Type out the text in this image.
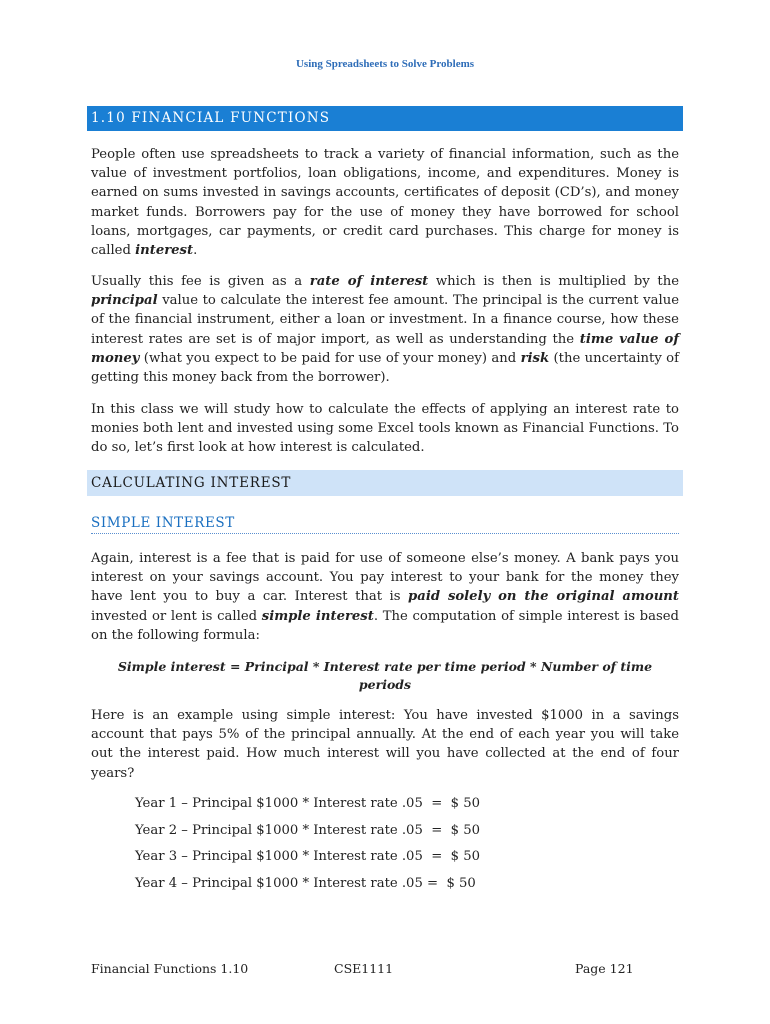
Using Spreadsheets to Solve Problems
1.10 FINANCIAL FUNCTIONS

People often use spreadsheets to track a variety of financial information, such as the value of investment portfolios, loan obligations, income, and expenditures. Money is earned on sums invested in savings accounts, certificates of deposit (CD’s), and money market funds. Borrowers pay for the use of money they have borrowed for school loans, mortgages, car payments, or credit card purchases. This charge for money is called interest.

Usually this fee is given as a rate of interest which is then is multiplied by the principal value to calculate the interest fee amount. The principal is the current value of the financial instrument, either a loan or investment. In a finance course, how these interest rates are set is of major import, as well as understanding the time value of money (what you expect to be paid for use of your money) and risk (the uncertainty of getting this money back from the borrower).

In this class we will study how to calculate the effects of applying an interest rate to monies both lent and invested using some Excel tools known as Financial Functions. To do so, let’s first look at how interest is calculated.

CALCULATING INTEREST
SIMPLE INTEREST

Again, interest is a fee that is paid for use of someone else’s money. A bank pays you interest on your savings account. You pay interest to your bank for the money they have lent you to buy a car. Interest that is paid solely on the original amount invested or lent is called simple interest. The computation of simple interest is based on the following formula:

Simple interest = Principal * Interest rate per time period * Number of time periods

Here is an example using simple interest: You have invested $1000 in a savings account that pays 5% of the principal annually. At the end of each year you will take out the interest paid. How much interest will you have collected at the end of four years?

Year 1 – Principal $1000 * Interest rate .05  =  $ 50
Year 2 – Principal $1000 * Interest rate .05  =  $ 50
Year 3 – Principal $1000 * Interest rate .05  =  $ 50
Year 4 – Principal $1000 * Interest rate .05 =  $ 50
Financial Functions 1.10	CSE1111	Page 121
